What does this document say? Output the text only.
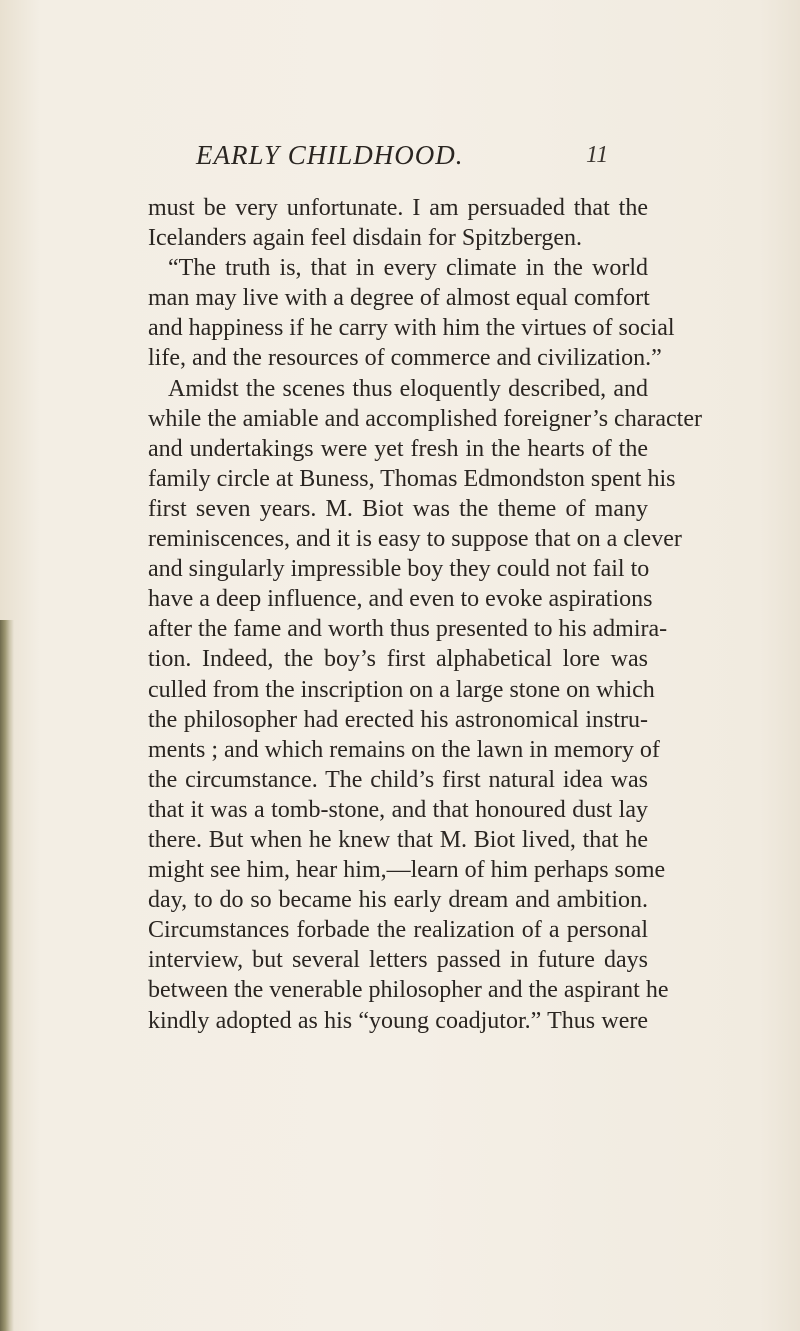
EARLY CHILDHOOD.	11
must be very unfortunate. I am persuaded that the
Icelanders again feel disdain for Spitzbergen.
“The truth is, that in every climate in the world
man may live with a degree of almost equal comfort
and happiness if he carry with him the virtues of social
life, and the resources of commerce and civilization.”
Amidst the scenes thus eloquently described, and
while the amiable and accomplished foreigner’s character
and undertakings were yet fresh in the hearts of the
family circle at Buness, Thomas Edmondston spent his
first seven years. M. Biot was the theme of many
reminiscences, and it is easy to suppose that on a clever
and singularly impressible boy they could not fail to
have a deep influence, and even to evoke aspirations
after the fame and worth thus presented to his admira-
tion. Indeed, the boy’s first alphabetical lore was
culled from the inscription on a large stone on which
the philosopher had erected his astronomical instru-
ments ; and which remains on the lawn in memory of
the circumstance. The child’s first natural idea was
that it was a tomb-stone, and that honoured dust lay
there. But when he knew that M. Biot lived, that he
might see him, hear him,—learn of him perhaps some
day, to do so became his early dream and ambition.
Circumstances forbade the realization of a personal
interview, but several letters passed in future days
between the venerable philosopher and the aspirant he
kindly adopted as his “young coadjutor.” Thus were
